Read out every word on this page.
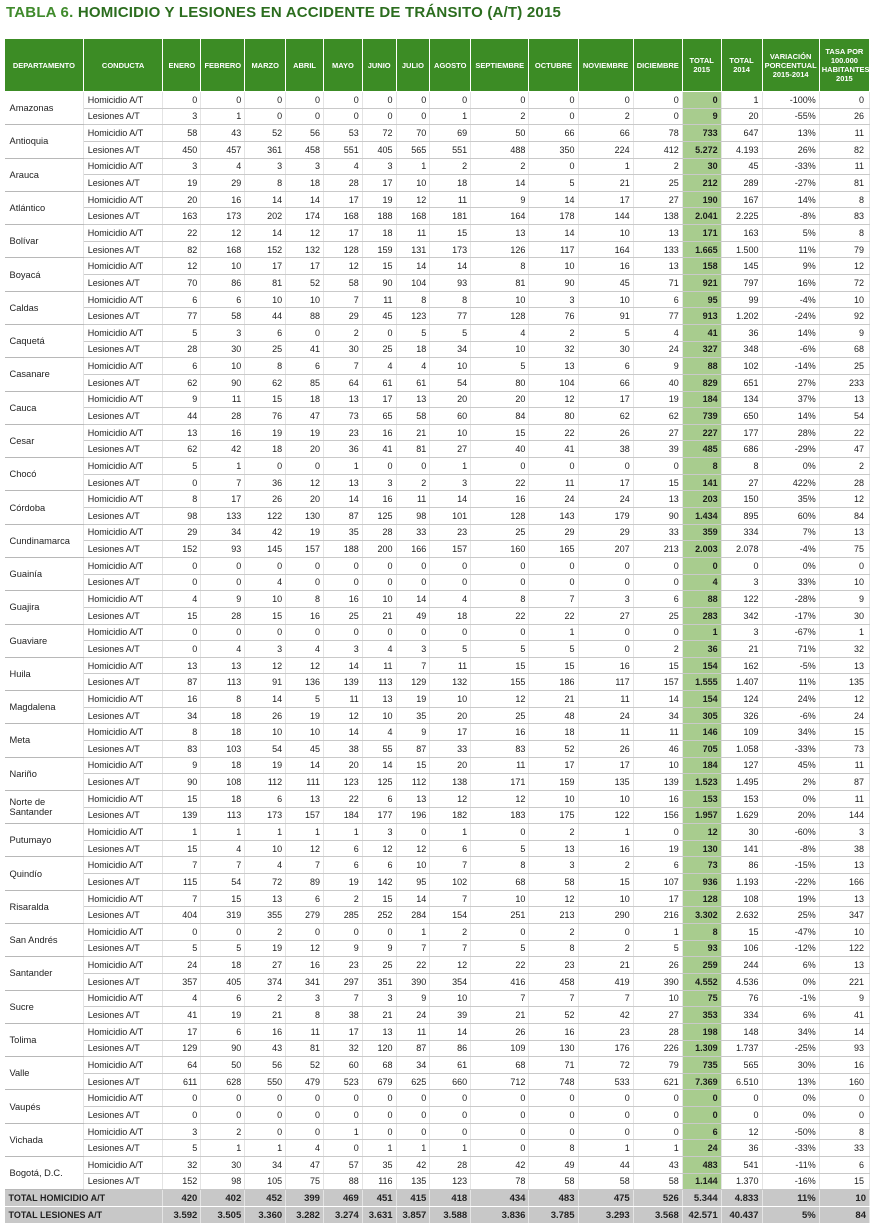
TABLA 6. HOMICIDIO Y LESIONES EN ACCIDENTE DE TRÁNSITO (A/T) 2015
DEPARTAMENTO	CONDUCTA	ENERO	FEBRERO	MARZO	ABRIL	MAYO	JUNIO	JULIO	AGOSTO	SEPTIEMBRE	OCTUBRE	NOVIEMBRE	DICIEMBRE	TOTAL 2015	TOTAL 2014	VARIACIÓN PORCENTUAL 2015-2014	TASA POR 100.000 HABITANTES 2015
Amazonas	Homicidio A/T	0	0	0	0	0	0	0	0	0	0	0	0	0	1	-100%	0
	Lesiones A/T	3	1	0	0	0	0	0	1	2	0	2	0	9	20	-55%	26
Antioquia	Homicidio A/T	58	43	52	56	53	72	70	69	50	66	66	78	733	647	13%	11
	Lesiones A/T	450	457	361	458	551	405	565	551	488	350	224	412	5.272	4.193	26%	82
Arauca	Homicidio A/T	3	4	3	3	4	3	1	2	2	0	1	2	30	45	-33%	11
	Lesiones A/T	19	29	8	18	28	17	10	18	14	5	21	25	212	289	-27%	81
Atlántico	Homicidio A/T	20	16	14	14	17	19	12	11	9	14	17	27	190	167	14%	8
	Lesiones A/T	163	173	202	174	168	188	168	181	164	178	144	138	2.041	2.225	-8%	83
Bolívar	Homicidio A/T	22	12	14	12	17	18	11	15	13	14	10	13	171	163	5%	8
	Lesiones A/T	82	168	152	132	128	159	131	173	126	117	164	133	1.665	1.500	11%	79
Boyacá	Homicidio A/T	12	10	17	17	12	15	14	14	8	10	16	13	158	145	9%	12
	Lesiones A/T	70	86	81	52	58	90	104	93	81	90	45	71	921	797	16%	72
Caldas	Homicidio A/T	6	6	10	10	7	11	8	8	10	3	10	6	95	99	-4%	10
	Lesiones A/T	77	58	44	88	29	45	123	77	128	76	91	77	913	1.202	-24%	92
Caquetá	Homicidio A/T	5	3	6	0	2	0	5	5	4	2	5	4	41	36	14%	9
	Lesiones A/T	28	30	25	41	30	25	18	34	10	32	30	24	327	348	-6%	68
Casanare	Homicidio A/T	6	10	8	6	7	4	4	10	5	13	6	9	88	102	-14%	25
	Lesiones A/T	62	90	62	85	64	61	61	54	80	104	66	40	829	651	27%	233
Cauca	Homicidio A/T	9	11	15	18	13	17	13	20	20	12	17	19	184	134	37%	13
	Lesiones A/T	44	28	76	47	73	65	58	60	84	80	62	62	739	650	14%	54
Cesar	Homicidio A/T	13	16	19	19	23	16	21	10	15	22	26	27	227	177	28%	22
	Lesiones A/T	62	42	18	20	36	41	81	27	40	41	38	39	485	686	-29%	47
Chocó	Homicidio A/T	5	1	0	0	1	0	0	1	0	0	0	0	8	8	0%	2
	Lesiones A/T	0	7	36	12	13	3	2	3	22	11	17	15	141	27	422%	28
Córdoba	Homicidio A/T	8	17	26	20	14	16	11	14	16	24	24	13	203	150	35%	12
	Lesiones A/T	98	133	122	130	87	125	98	101	128	143	179	90	1.434	895	60%	84
Cundinamarca	Homicidio A/T	29	34	42	19	35	28	33	23	25	29	29	33	359	334	7%	13
	Lesiones A/T	152	93	145	157	188	200	166	157	160	165	207	213	2.003	2.078	-4%	75
Guainía	Homicidio A/T	0	0	0	0	0	0	0	0	0	0	0	0	0	0	0%	0
	Lesiones A/T	0	0	4	0	0	0	0	0	0	0	0	0	4	3	33%	10
Guajira	Homicidio A/T	4	9	10	8	16	10	14	4	8	7	3	6	88	122	-28%	9
	Lesiones A/T	15	28	15	16	25	21	49	18	22	22	27	25	283	342	-17%	30
Guaviare	Homicidio A/T	0	0	0	0	0	0	0	0	0	1	0	0	1	3	-67%	1
	Lesiones A/T	0	4	3	4	3	4	3	5	5	5	0	2	36	21	71%	32
Huila	Homicidio A/T	13	13	12	12	14	11	7	11	15	15	16	15	154	162	-5%	13
	Lesiones A/T	87	113	91	136	139	113	129	132	155	186	117	157	1.555	1.407	11%	135
Magdalena	Homicidio A/T	16	8	14	5	11	13	19	10	12	21	11	14	154	124	24%	12
	Lesiones A/T	34	18	26	19	12	10	35	20	25	48	24	34	305	326	-6%	24
Meta	Homicidio A/T	8	18	10	10	14	4	9	17	16	18	11	11	146	109	34%	15
	Lesiones A/T	83	103	54	45	38	55	87	33	83	52	26	46	705	1.058	-33%	73
Nariño	Homicidio A/T	9	18	19	14	20	14	15	20	11	17	17	10	184	127	45%	11
	Lesiones A/T	90	108	112	111	123	125	112	138	171	159	135	139	1.523	1.495	2%	87
Norte de Santander	Homicidio A/T	15	18	6	13	22	6	13	12	12	10	10	16	153	153	0%	11
	Lesiones A/T	139	113	173	157	184	177	196	182	183	175	122	156	1.957	1.629	20%	144
Putumayo	Homicidio A/T	1	1	1	1	1	3	0	1	0	2	1	0	12	30	-60%	3
	Lesiones A/T	15	4	10	12	6	12	12	6	5	13	16	19	130	141	-8%	38
Quindío	Homicidio A/T	7	7	4	7	6	6	10	7	8	3	2	6	73	86	-15%	13
	Lesiones A/T	115	54	72	89	19	142	95	102	68	58	15	107	936	1.193	-22%	166
Risaralda	Homicidio A/T	7	15	13	6	2	15	14	7	10	12	10	17	128	108	19%	13
	Lesiones A/T	404	319	355	279	285	252	284	154	251	213	290	216	3.302	2.632	25%	347
San Andrés	Homicidio A/T	0	0	2	0	0	0	1	2	0	2	0	1	8	15	-47%	10
	Lesiones A/T	5	5	19	12	9	9	7	7	5	8	2	5	93	106	-12%	122
Santander	Homicidio A/T	24	18	27	16	23	25	22	12	22	23	21	26	259	244	6%	13
	Lesiones A/T	357	405	374	341	297	351	390	354	416	458	419	390	4.552	4.536	0%	221
Sucre	Homicidio A/T	4	6	2	3	7	3	9	10	7	7	7	10	75	76	-1%	9
	Lesiones A/T	41	19	21	8	38	21	24	39	21	52	42	27	353	334	6%	41
Tolima	Homicidio A/T	17	6	16	11	17	13	11	14	26	16	23	28	198	148	34%	14
	Lesiones A/T	129	90	43	81	32	120	87	86	109	130	176	226	1.309	1.737	-25%	93
Valle	Homicidio A/T	64	50	56	52	60	68	34	61	68	71	72	79	735	565	30%	16
	Lesiones A/T	611	628	550	479	523	679	625	660	712	748	533	621	7.369	6.510	13%	160
Vaupés	Homicidio A/T	0	0	0	0	0	0	0	0	0	0	0	0	0	0	0%	0
	Lesiones A/T	0	0	0	0	0	0	0	0	0	0	0	0	0	0	0%	0
Vichada	Homicidio A/T	3	2	0	0	1	0	0	0	0	0	0	0	6	12	-50%	8
	Lesiones A/T	5	1	1	4	0	1	1	1	0	8	1	1	24	36	-33%	33
Bogotá, D.C.	Homicidio A/T	32	30	34	47	57	35	42	28	42	49	44	43	483	541	-11%	6
	Lesiones A/T	152	98	105	75	88	116	135	123	78	58	58	58	1.144	1.370	-16%	15
TOTAL HOMICIDIO A/T		420	402	452	399	469	451	415	418	434	483	475	526	5.344	4.833	11%	10
TOTAL LESIONES A/T		3.592	3.505	3.360	3.282	3.274	3.631	3.857	3.588	3.836	3.785	3.293	3.568	42.571	40.437	5%	84
